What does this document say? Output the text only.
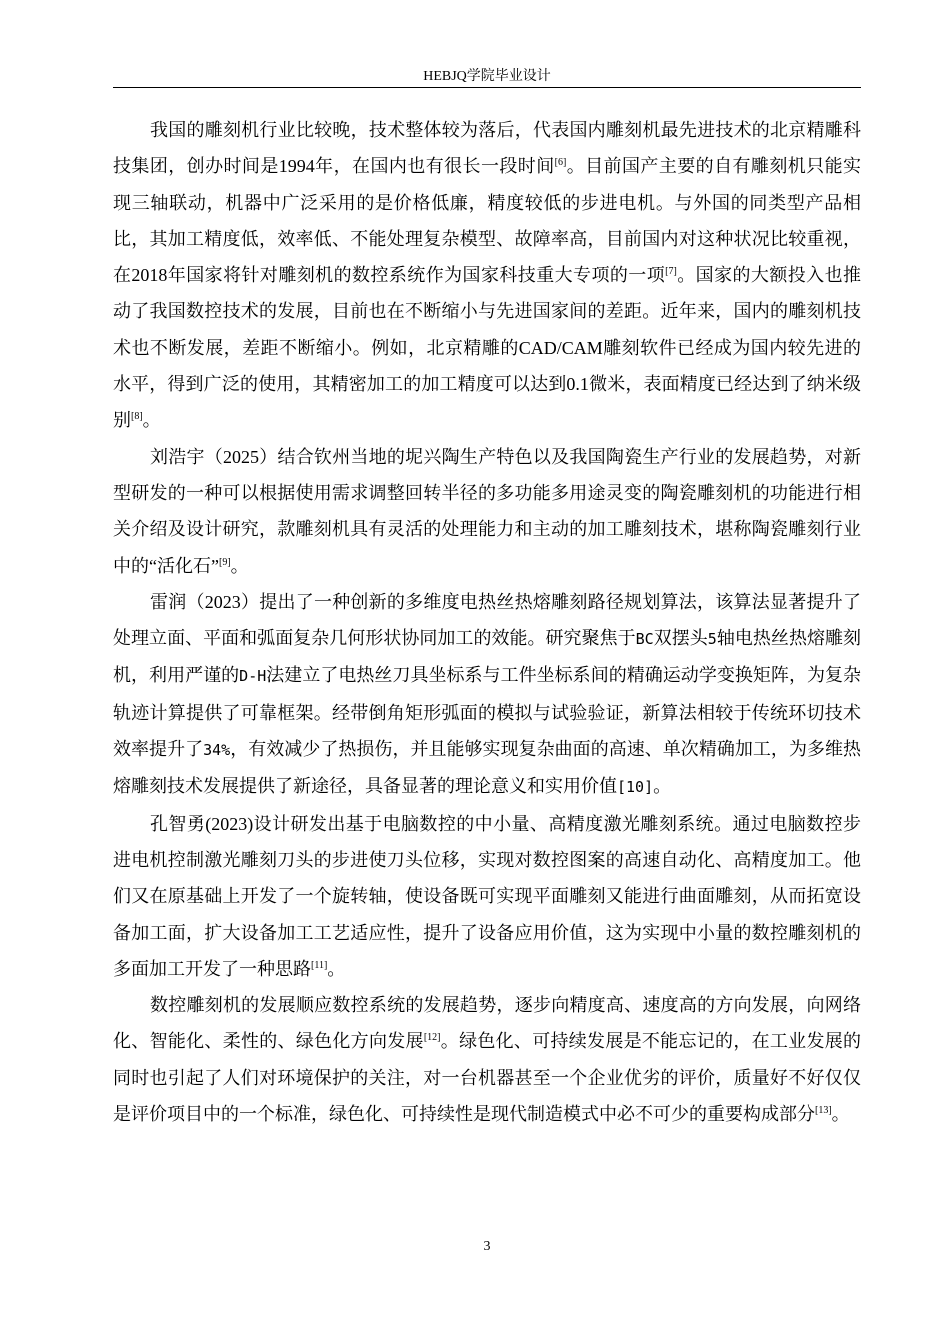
HEBJQ学院毕业设计

我国的雕刻机行业比较晚，技术整体较为落后，代表国内雕刻机最先进技术的北京精雕科技集团，创办时间是1994年，在国内也有很长一段时间[6]。目前国产主要的自有雕刻机只能实现三轴联动，机器中广泛采用的是价格低廉，精度较低的步进电机。与外国的同类型产品相比，其加工精度低，效率低、不能处理复杂模型、故障率高，目前国内对这种状况比较重视，在2018年国家将针对雕刻机的数控系统作为国家科技重大专项的一项[7]。国家的大额投入也推动了我国数控技术的发展，目前也在不断缩小与先进国家间的差距。近年来，国内的雕刻机技术也不断发展，差距不断缩小。例如，北京精雕的CAD/CAM雕刻软件已经成为国内较先进的水平，得到广泛的使用，其精密加工的加工精度可以达到0.1微米，表面精度已经达到了纳米级别[8]。

刘浩宇（2025）结合钦州当地的坭兴陶生产特色以及我国陶瓷生产行业的发展趋势，对新型研发的一种可以根据使用需求调整回转半径的多功能多用途灵变的陶瓷雕刻机的功能进行相关介绍及设计研究，款雕刻机具有灵活的处理能力和主动的加工雕刻技术，堪称陶瓷雕刻行业中的“活化石”[9]。

雷润（2023）提出了一种创新的多维度电热丝热熔雕刻路径规划算法，该算法显著提升了处理立面、平面和弧面复杂几何形状协同加工的效能。研究聚焦于BC双摆头5轴电热丝热熔雕刻机，利用严谨的D-H法建立了电热丝刀具坐标系与工件坐标系间的精确运动学变换矩阵，为复杂轨迹计算提供了可靠框架。经带倒角矩形弧面的模拟与试验验证，新算法相较于传统环切技术效率提升了34%，有效减少了热损伤，并且能够实现复杂曲面的高速、单次精确加工，为多维热熔雕刻技术发展提供了新途径，具备显著的理论意义和实用价值[10]。

孔智勇(2023)设计研发出基于电脑数控的中小量、高精度激光雕刻系统。通过电脑数控步进电机控制激光雕刻刀头的步进使刀头位移，实现对数控图案的高速自动化、高精度加工。他们又在原基础上开发了一个旋转轴，使设备既可实现平面雕刻又能进行曲面雕刻，从而拓宽设备加工面，扩大设备加工工艺适应性，提升了设备应用价值，这为实现中小量的数控雕刻机的多面加工开发了一种思路[11]。

数控雕刻机的发展顺应数控系统的发展趋势，逐步向精度高、速度高的方向发展，向网络化、智能化、柔性的、绿色化方向发展[12]。绿色化、可持续发展是不能忘记的，在工业发展的同时也引起了人们对环境保护的关注，对一台机器甚至一个企业优劣的评价，质量好不好仅仅是评价项目中的一个标准，绿色化、可持续性是现代制造模式中必不可少的重要构成部分[13]。

3
